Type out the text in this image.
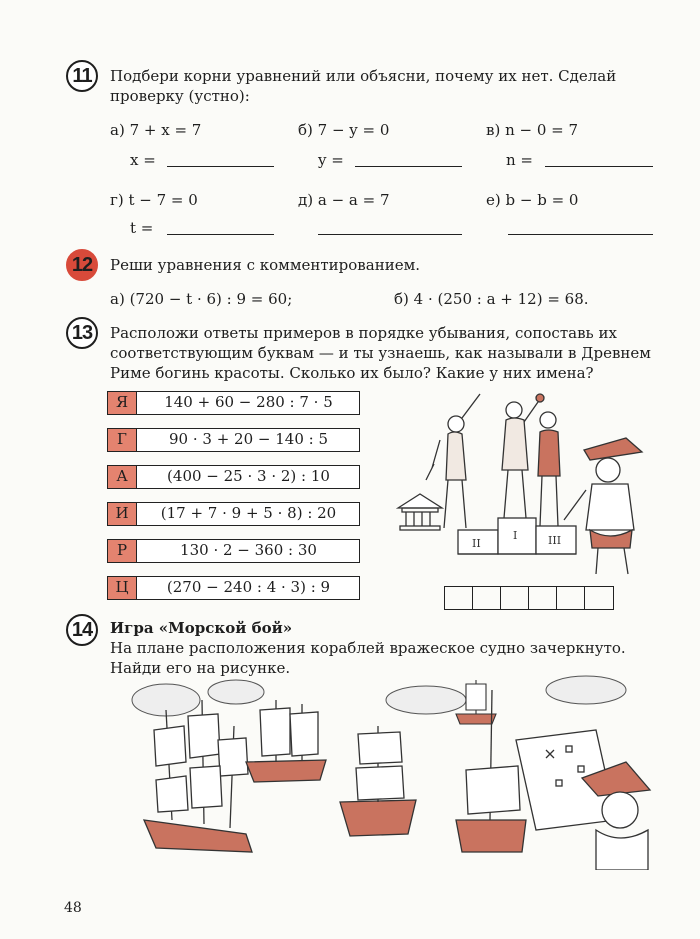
11	Подбери корни уравнений или объясни, почему их нет. Сделай
проверку (устно):
а) 7 + x = 7	б) 7 − y = 0	в) n − 0 = 7
x =	y =	n =
г) t − 7 = 0	д) a − a = 7	е) b − b = 0
t =
12	Реши уравнения с комментированием.
а) (720 − t · 6) : 9 = 60;	б) 4 · (250 : a + 12) = 68.
13	Расположи ответы примеров в порядке убывания, сопоставь их
соответствующим буквам — и ты узнаешь, как называли в Древнем
Риме богинь красоты. Сколько их было? Какие у них имена?
Я	140 + 60 − 280 : 7 · 5
Г	90 · 3 + 20 − 140 : 5
А	(400 − 25 · 3 · 2) : 10
И	(17 + 7 · 9 + 5 · 8) : 20
Р	130 · 2 − 360 : 30
Ц	(270 − 240 : 4 · 3) : 9
II
I	III
14	Игра «Морской бой»
На плане расположения кораблей вражеское судно зачеркнуто.
Найди его на рисунке.
48
